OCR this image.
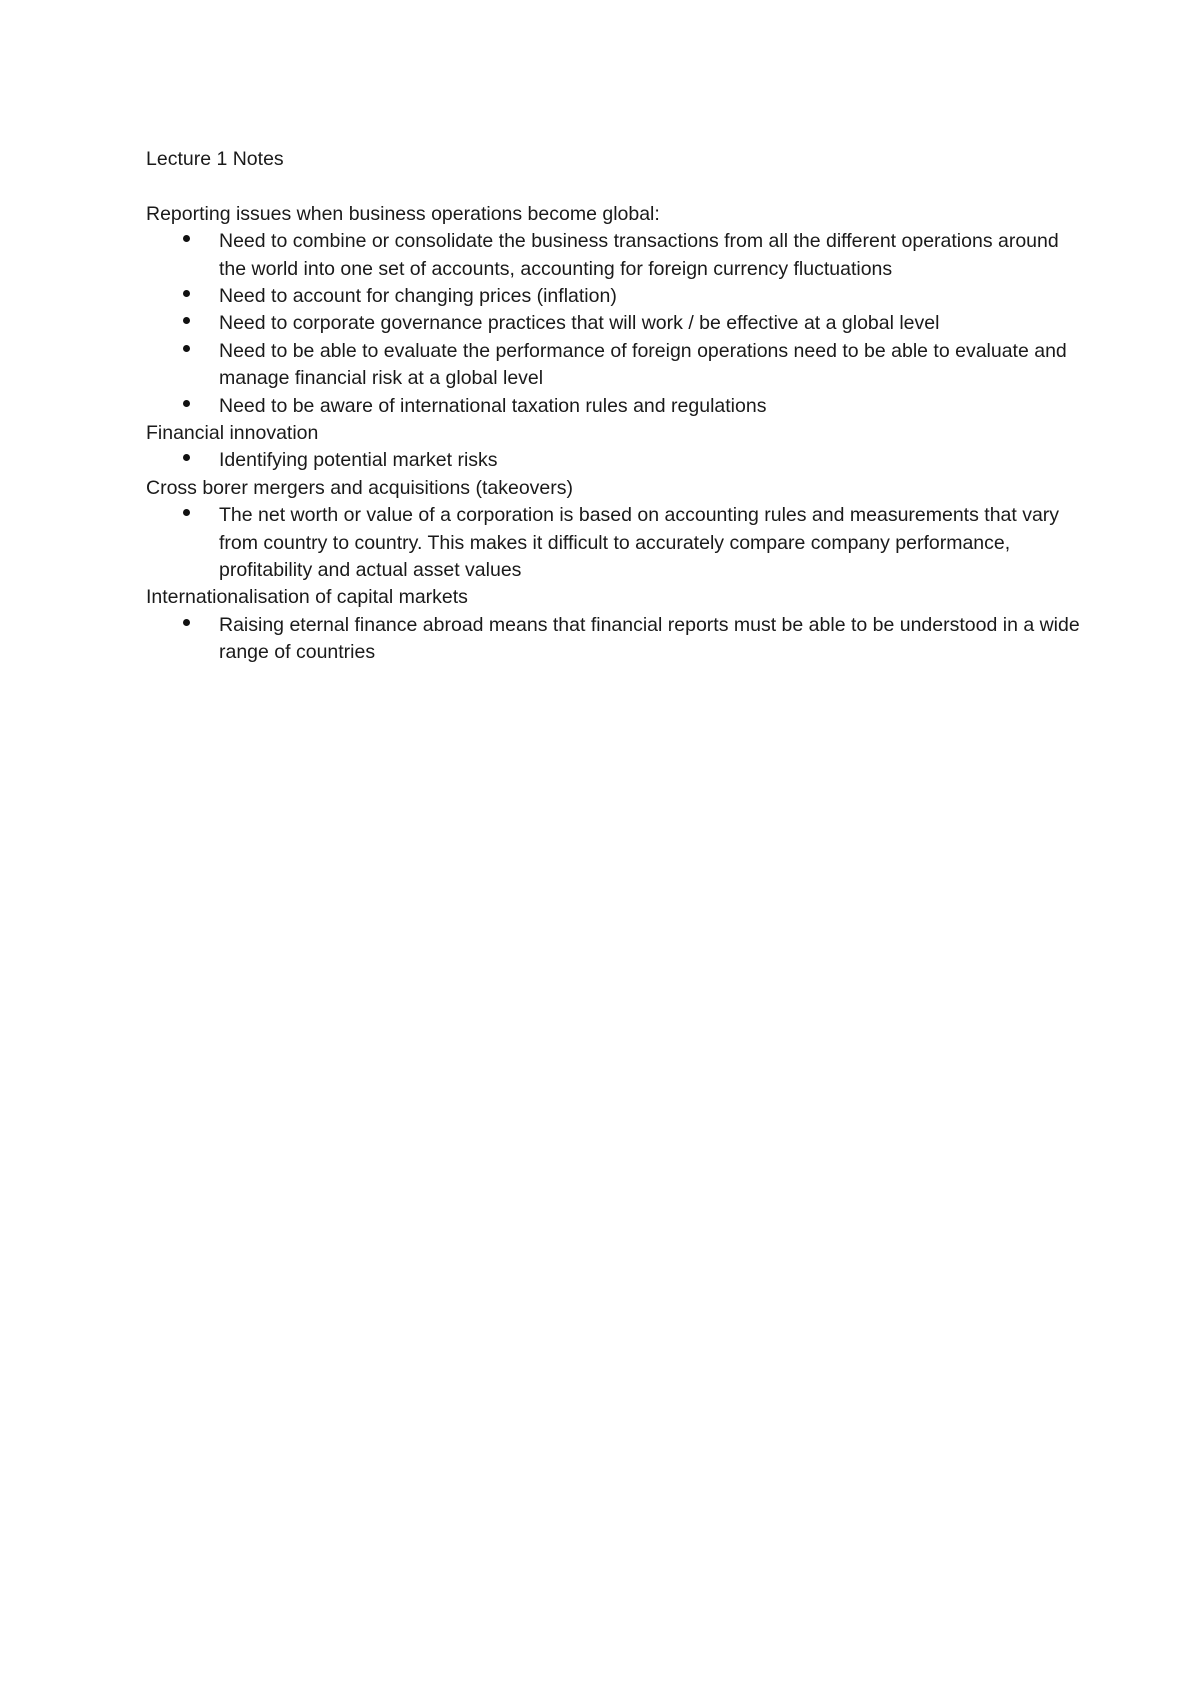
Lecture 1 Notes

Reporting issues when business operations become global:

Need to combine or consolidate the business transactions from all the different operations around the world into one set of accounts, accounting for foreign currency fluctuations
Need to account for changing prices (inflation)
Need to corporate governance practices that will work / be effective at a global level
Need to be able to evaluate the performance of foreign operations need to be able to evaluate and manage financial risk at a global level
Need to be aware of international taxation rules and regulations

Financial innovation

Identifying potential market risks

Cross borer mergers and acquisitions (takeovers)

The net worth or value of a corporation is based on accounting rules and measurements that vary from country to country. This makes it difficult to accurately compare company performance, profitability and actual asset values

Internationalisation of capital markets

Raising eternal finance abroad means that financial reports must be able to be understood in a wide range of countries
